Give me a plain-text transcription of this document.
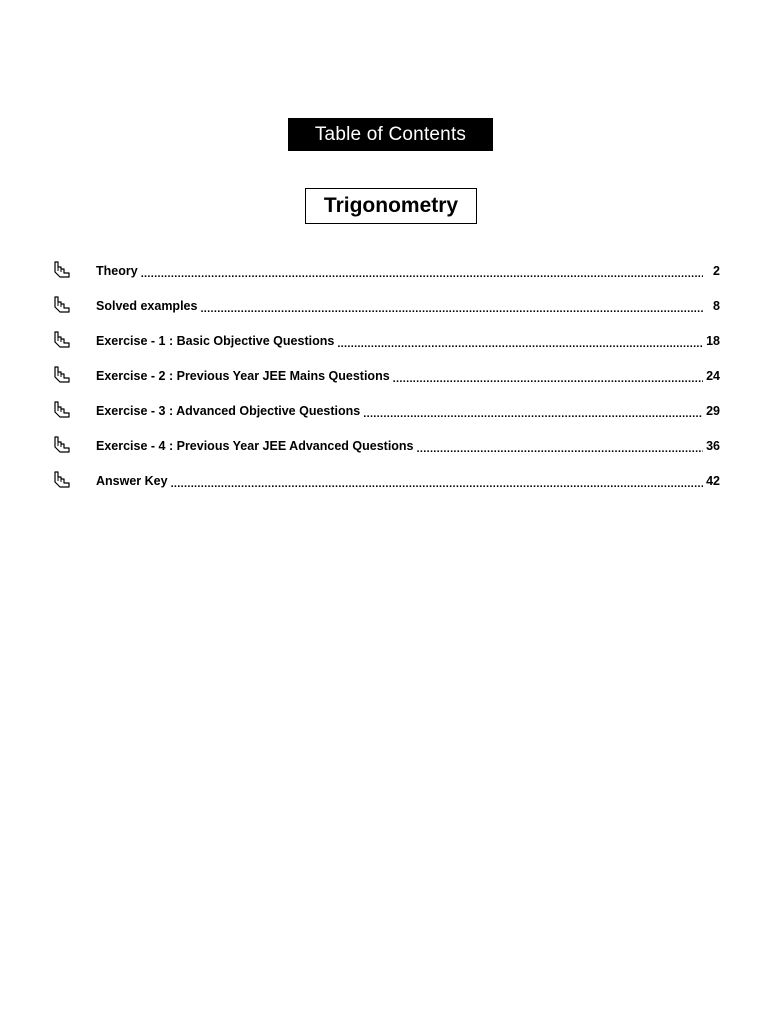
Table of Contents
Trigonometry
Theory .....	2
Solved examples .....	8
Exercise - 1 : Basic Objective Questions .....	18
Exercise - 2 : Previous Year JEE Mains Questions .....	24
Exercise - 3 : Advanced Objective Questions .....	29
Exercise - 4 : Previous Year JEE Advanced Questions .....	36
Answer Key .....	42
